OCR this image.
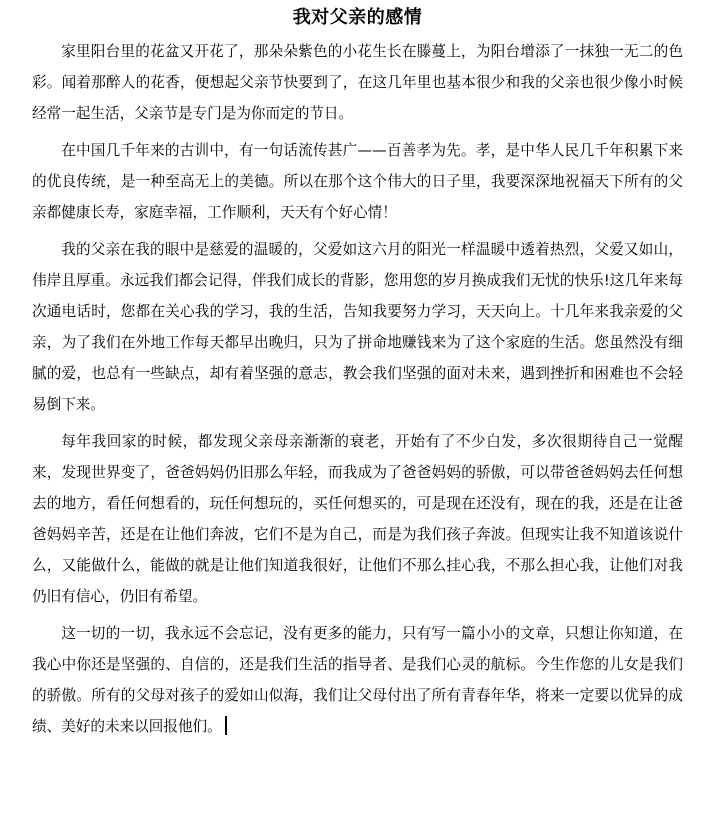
我对父亲的感情

家里阳台里的花盆又开花了，那朵朵紫色的小花生长在滕蔓上，为阳台增添了一抹独一无二的色彩。闻着那醉人的花香，便想起父亲节快要到了，在这几年里也基本很少和我的父亲也很少像小时候经常一起生活，父亲节是专门是为你而定的节日。

在中国几千年来的古训中，有一句话流传甚广——百善孝为先。孝，是中华人民几千年积累下来的优良传统，是一种至高无上的美德。所以在那个这个伟大的日子里，我要深深地祝福天下所有的父亲都健康长寿，家庭幸福，工作顺利，天天有个好心情！

我的父亲在我的眼中是慈爱的温暖的，父爱如这六月的阳光一样温暖中透着热烈，父爱又如山，伟岸且厚重。永远我们都会记得，伴我们成长的背影，您用您的岁月换成我们无忧的快乐!这几年来每次通电话时，您都在关心我的学习，我的生活，告知我要努力学习，天天向上。十几年来我亲爱的父亲，为了我们在外地工作每天都早出晚归，只为了拼命地赚钱来为了这个家庭的生活。您虽然没有细腻的爱，也总有一些缺点，却有着坚强的意志，教会我们坚强的面对未来，遇到挫折和困难也不会轻易倒下来。

每年我回家的时候，都发现父亲母亲渐渐的衰老，开始有了不少白发，多次很期待自己一觉醒来，发现世界变了，爸爸妈妈仍旧那么年轻，而我成为了爸爸妈妈的骄傲，可以带爸爸妈妈去任何想去的地方，看任何想看的，玩任何想玩的，买任何想买的，可是现在还没有，现在的我，还是在让爸爸妈妈辛苦，还是在让他们奔波，它们不是为自己，而是为我们孩子奔波。但现实让我不知道该说什么，又能做什么，能做的就是让他们知道我很好，让他们不那么挂心我，不那么担心我，让他们对我仍旧有信心，仍旧有希望。

这一切的一切，我永远不会忘记，没有更多的能力，只有写一篇小小的文章，只想让你知道，在我心中你还是坚强的、自信的，还是我们生活的指导者、是我们心灵的航标。今生作您的儿女是我们的骄傲。所有的父母对孩子的爱如山似海，我们让父母付出了所有青春年华，将来一定要以优异的成绩、美好的未来以回报他们。
